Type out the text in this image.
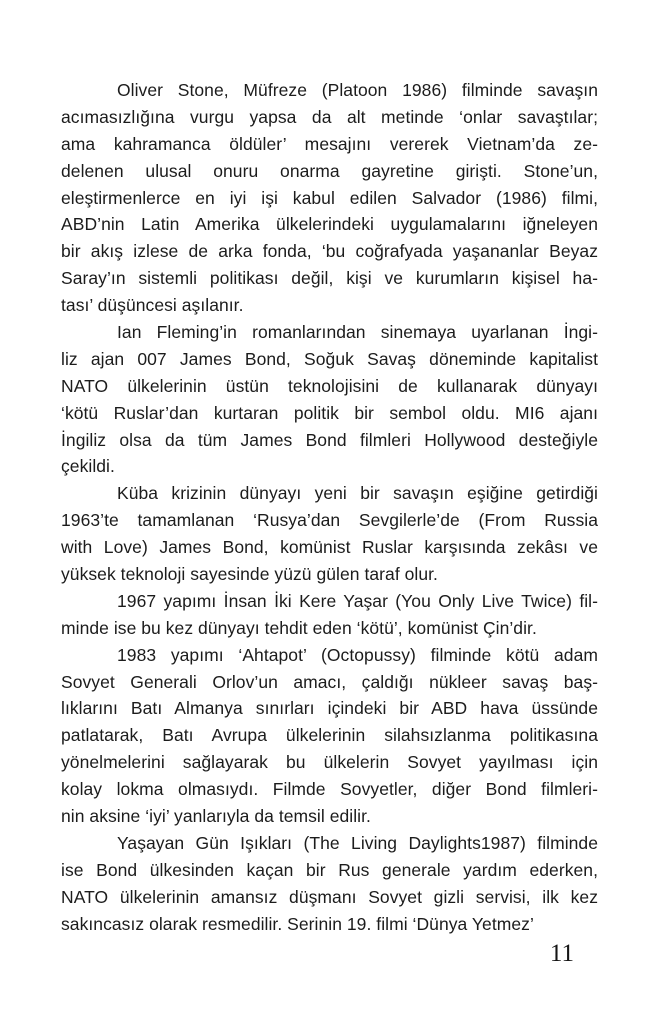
Oliver Stone, Müfreze (Platoon 1986) filminde savaşın
acımasızlığına vurgu yapsa da alt metinde ‘onlar savaştılar;
ama kahramanca öldüler’ mesajını vererek Vietnam’da ze-
delenen ulusal onuru onarma gayretine girişti. Stone’un,
eleştirmenlerce en iyi işi kabul edilen Salvador (1986) filmi,
ABD’nin Latin Amerika ülkelerindeki uygulamalarını iğneleyen
bir akış izlese de arka fonda, ‘bu coğrafyada yaşananlar Beyaz
Saray’ın sistemli politikası değil, kişi ve kurumların kişisel ha-
tası’ düşüncesi aşılanır.
Ian Fleming’in romanlarından sinemaya uyarlanan İngi-
liz ajan 007 James Bond, Soğuk Savaş döneminde kapitalist
NATO ülkelerinin üstün teknolojisini de kullanarak dünyayı
‘kötü Ruslar’dan kurtaran politik bir sembol oldu. MI6 ajanı
İngiliz olsa da tüm James Bond filmleri Hollywood desteğiyle
çekildi.
Küba krizinin dünyayı yeni bir savaşın eşiğine getirdiği
1963’te tamamlanan ‘Rusya’dan Sevgilerle’de (From Russia
with Love) James Bond, komünist Ruslar karşısında zekâsı ve
yüksek teknoloji sayesinde yüzü gülen taraf olur.
1967 yapımı İnsan İki Kere Yaşar (You Only Live Twice) fil-
minde ise bu kez dünyayı tehdit eden ‘kötü’, komünist Çin’dir.
1983 yapımı ‘Ahtapot’ (Octopussy) filminde kötü adam
Sovyet Generali Orlov’un amacı, çaldığı nükleer savaş baş-
lıklarını Batı Almanya sınırları içindeki bir ABD hava üssünde
patlatarak, Batı Avrupa ülkelerinin silahsızlanma politikasına
yönelmelerini sağlayarak bu ülkelerin Sovyet yayılması için
kolay lokma olmasıydı. Filmde Sovyetler, diğer Bond filmleri-
nin aksine ‘iyi’ yanlarıyla da temsil edilir.
Yaşayan Gün Işıkları (The Living Daylights1987) filminde
ise Bond ülkesinden kaçan bir Rus generale yardım ederken,
NATO ülkelerinin amansız düşmanı Sovyet gizli servisi, ilk kez
sakıncasız olarak resmedilir. Serinin 19. filmi ‘Dünya Yetmez’
11
